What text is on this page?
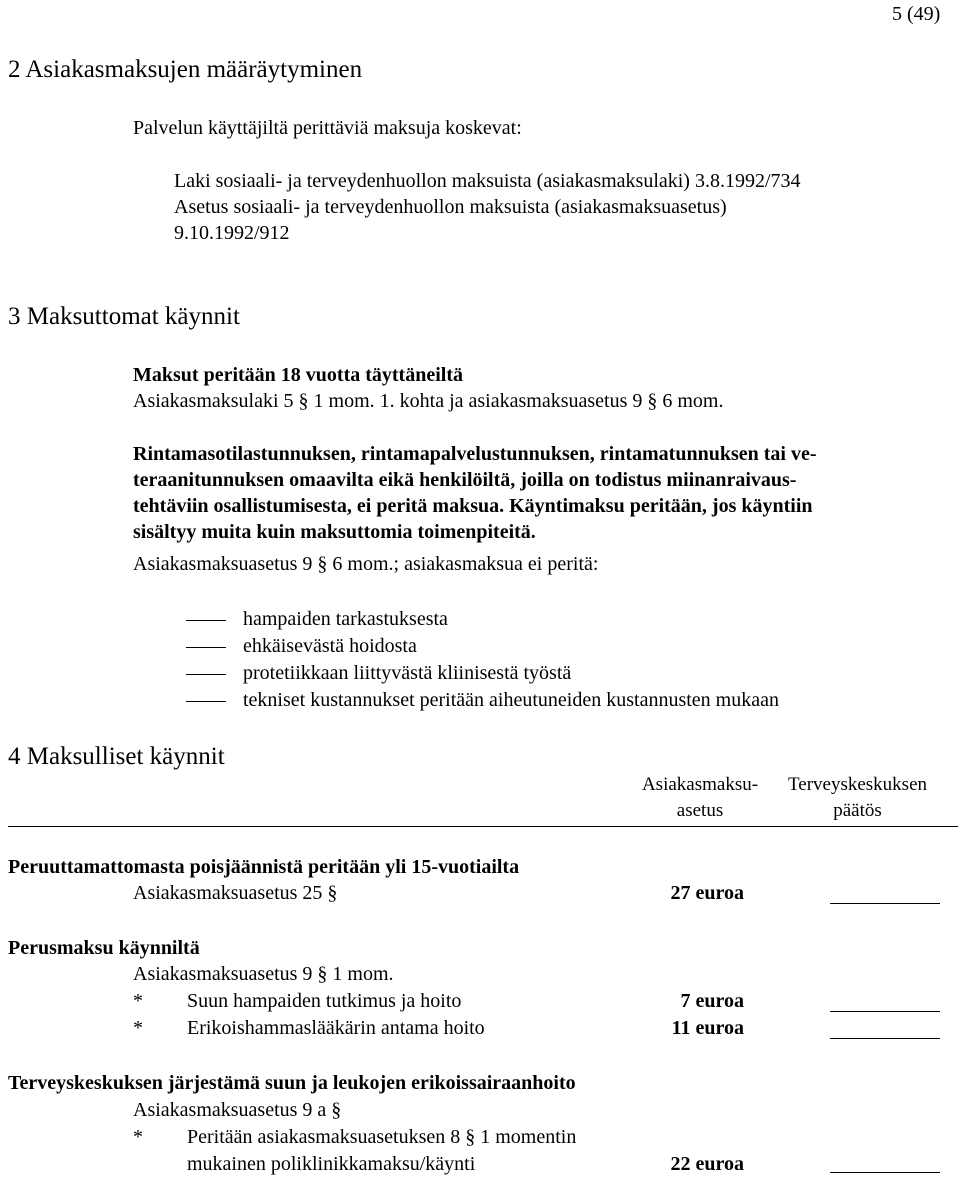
5 (49)
2 Asiakasmaksujen määräytyminen
Palvelun käyttäjiltä perittäviä maksuja koskevat:
Laki sosiaali- ja terveydenhuollon maksuista (asiakasmaksulaki) 3.8.1992/734
Asetus sosiaali- ja terveydenhuollon maksuista (asiakasmaksuasetus)
9.10.1992/912
3 Maksuttomat käynnit
Maksut peritään 18 vuotta täyttäneiltä
Asiakasmaksulaki 5 § 1 mom. 1. kohta ja asiakasmaksuasetus 9 § 6 mom.
Rintamasotilastunnuksen, rintamapalvelustunnuksen, rintamatunnuksen tai ve-
teraanitunnuksen omaavilta eikä henkilöiltä, joilla on todistus miinanraivaus-
tehtäviin osallistumisesta, ei peritä maksua. Käyntimaksu peritään, jos käyntiin
sisältyy muita kuin maksuttomia toimenpiteitä.
Asiakasmaksuasetus 9 § 6 mom.; asiakasmaksua ei peritä:
hampaiden tarkastuksesta
ehkäisevästä hoidosta
protetiikkaan liittyvästä kliinisestä työstä
tekniset kustannukset peritään aiheutuneiden kustannusten mukaan
4 Maksulliset käynnit
Asiakasmaksu-
asetus
Terveyskeskuksen
päätös
Peruuttamattomasta poisjäännistä peritään yli 15-vuotiailta
Asiakasmaksuasetus 25 §	27 euroa
Perusmaksu käynniltä
Asiakasmaksuasetus 9 § 1 mom.
* Suun hampaiden tutkimus ja hoito	7 euroa
* Erikoishammaslääkärin antama hoito	11 euroa
Terveyskeskuksen järjestämä suun ja leukojen erikoissairaanhoito
Asiakasmaksuasetus 9 a §
* Peritään asiakasmaksuasetuksen 8 § 1 momentin
mukainen poliklinikkamaksu/käynti	22 euroa
